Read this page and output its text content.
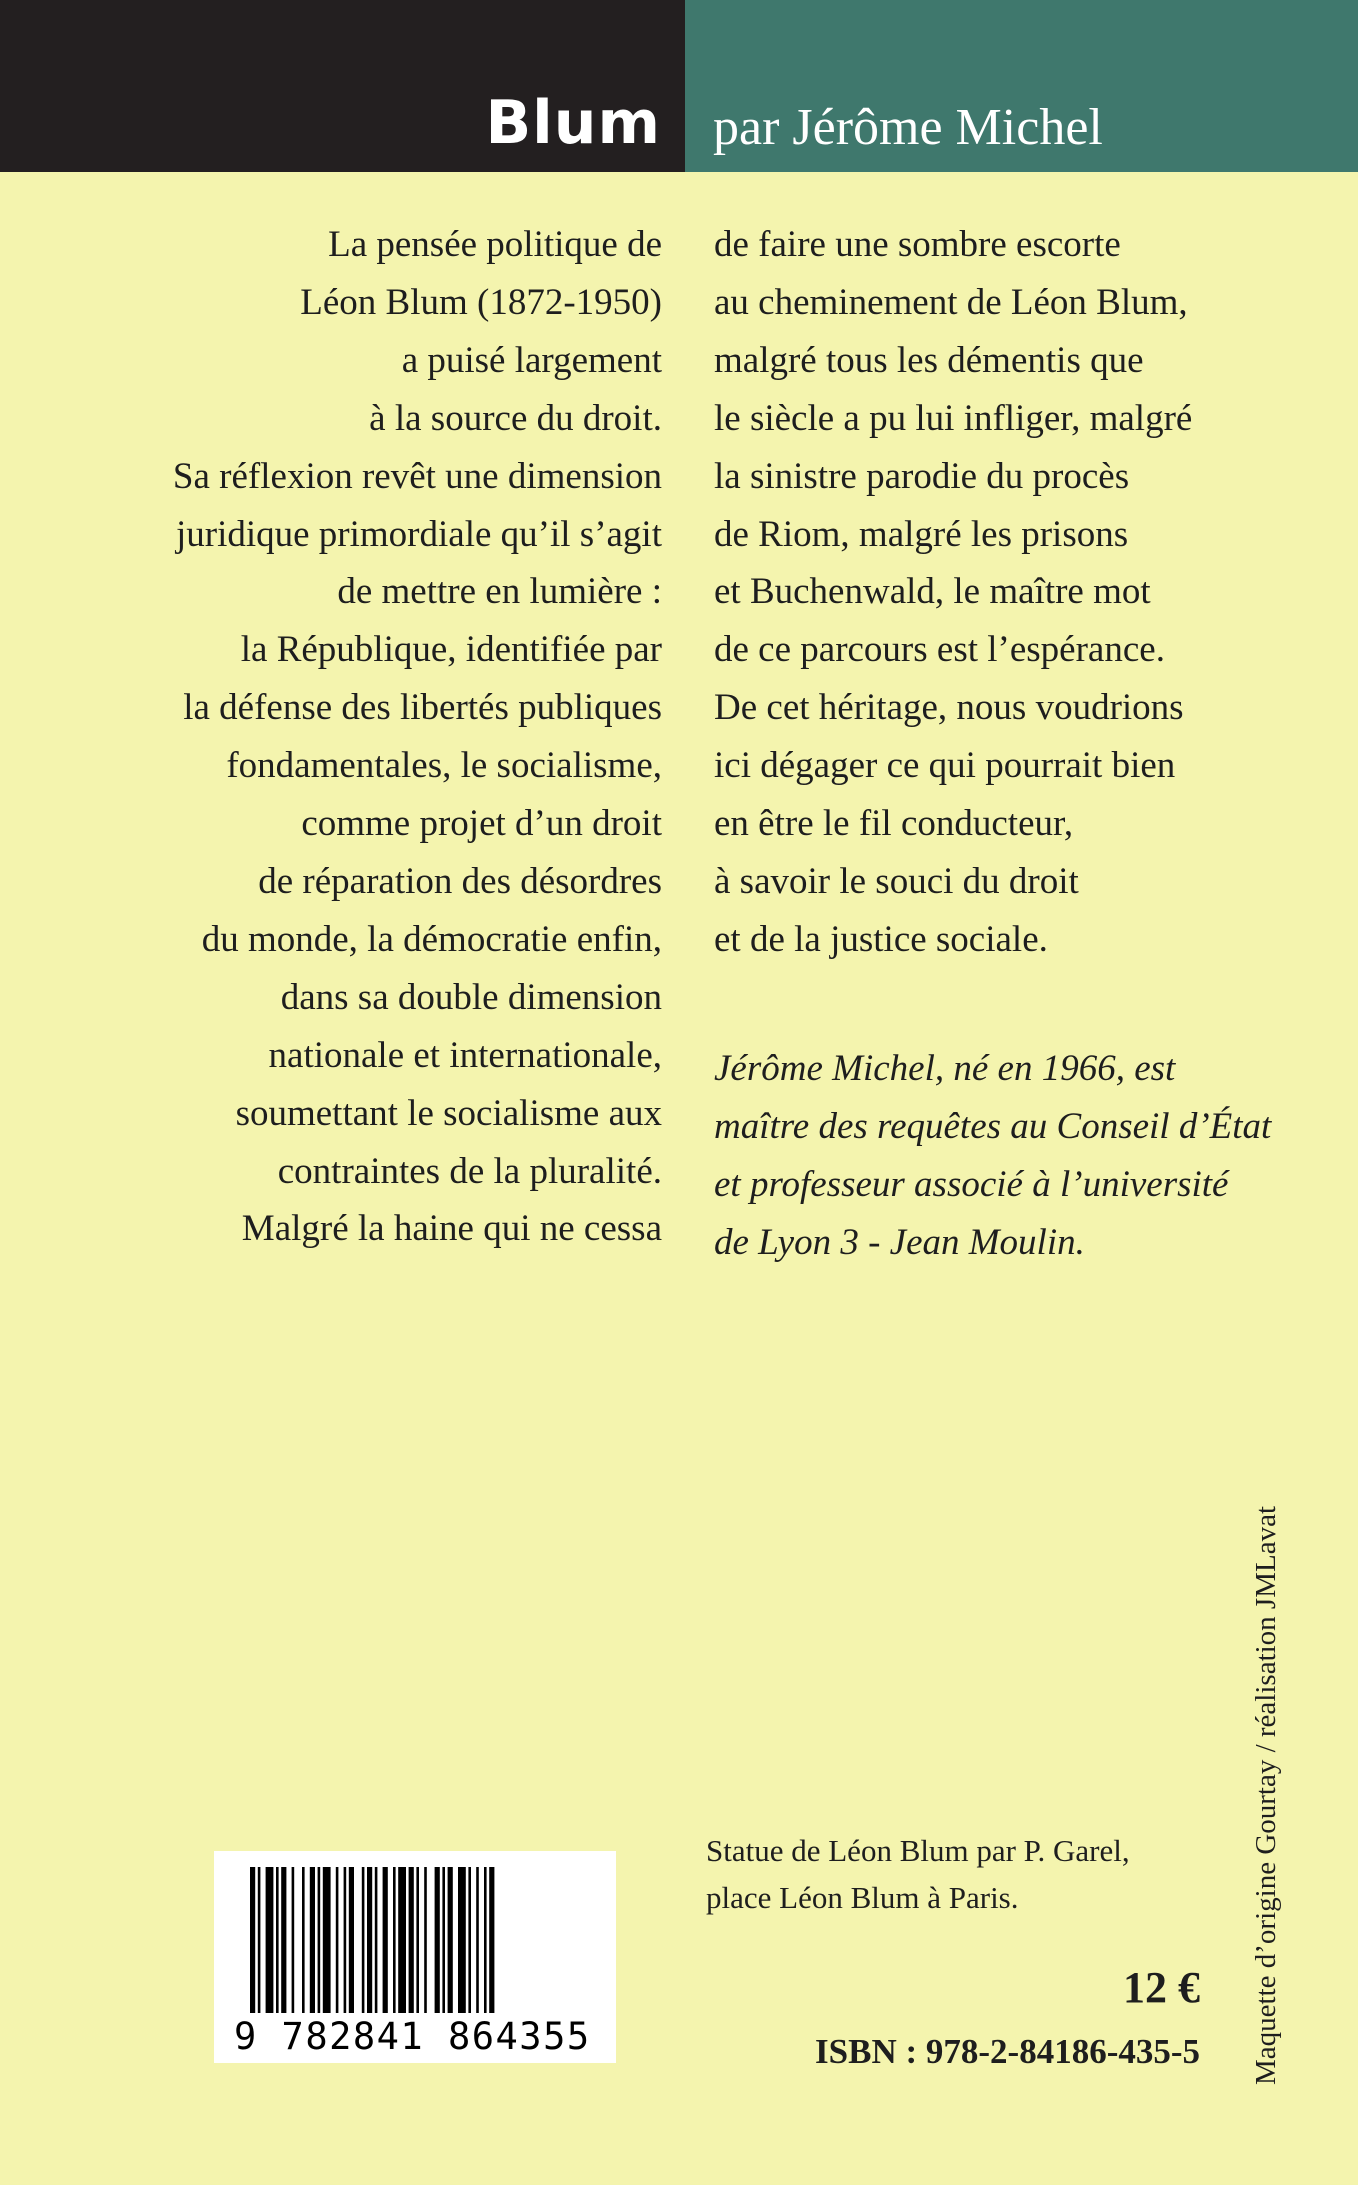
Blum par Jérôme Michel
La pensée politique de
Léon Blum (1872-1950)
a puisé largement
à la source du droit.
Sa réflexion revêt une dimension
juridique primordiale qu’il s’agit
de mettre en lumière :
la République, identifiée par
la défense des libertés publiques
fondamentales, le socialisme,
comme projet d’un droit
de réparation des désordres
du monde, la démocratie enfin,
dans sa double dimension
nationale et internationale,
soumettant le socialisme aux
contraintes de la pluralité.
Malgré la haine qui ne cessa
de faire une sombre escorte
au cheminement de Léon Blum,
malgré tous les démentis que
le siècle a pu lui infliger, malgré
la sinistre parodie du procès
de Riom, malgré les prisons
et Buchenwald, le maître mot
de ce parcours est l’espérance.
De cet héritage, nous voudrions
ici dégager ce qui pourrait bien
en être le fil conducteur,
à savoir le souci du droit
et de la justice sociale.
Jérôme Michel, né en 1966, est
maître des requêtes au Conseil d’État
et professeur associé à l’université
de Lyon 3 - Jean Moulin.
9 782841 864355
Statue de Léon Blum par P. Garel,
place Léon Blum à Paris.
12 €
ISBN : 978-2-84186-435-5 Maquette d’origine Gourtay / réalisation JMLavat
